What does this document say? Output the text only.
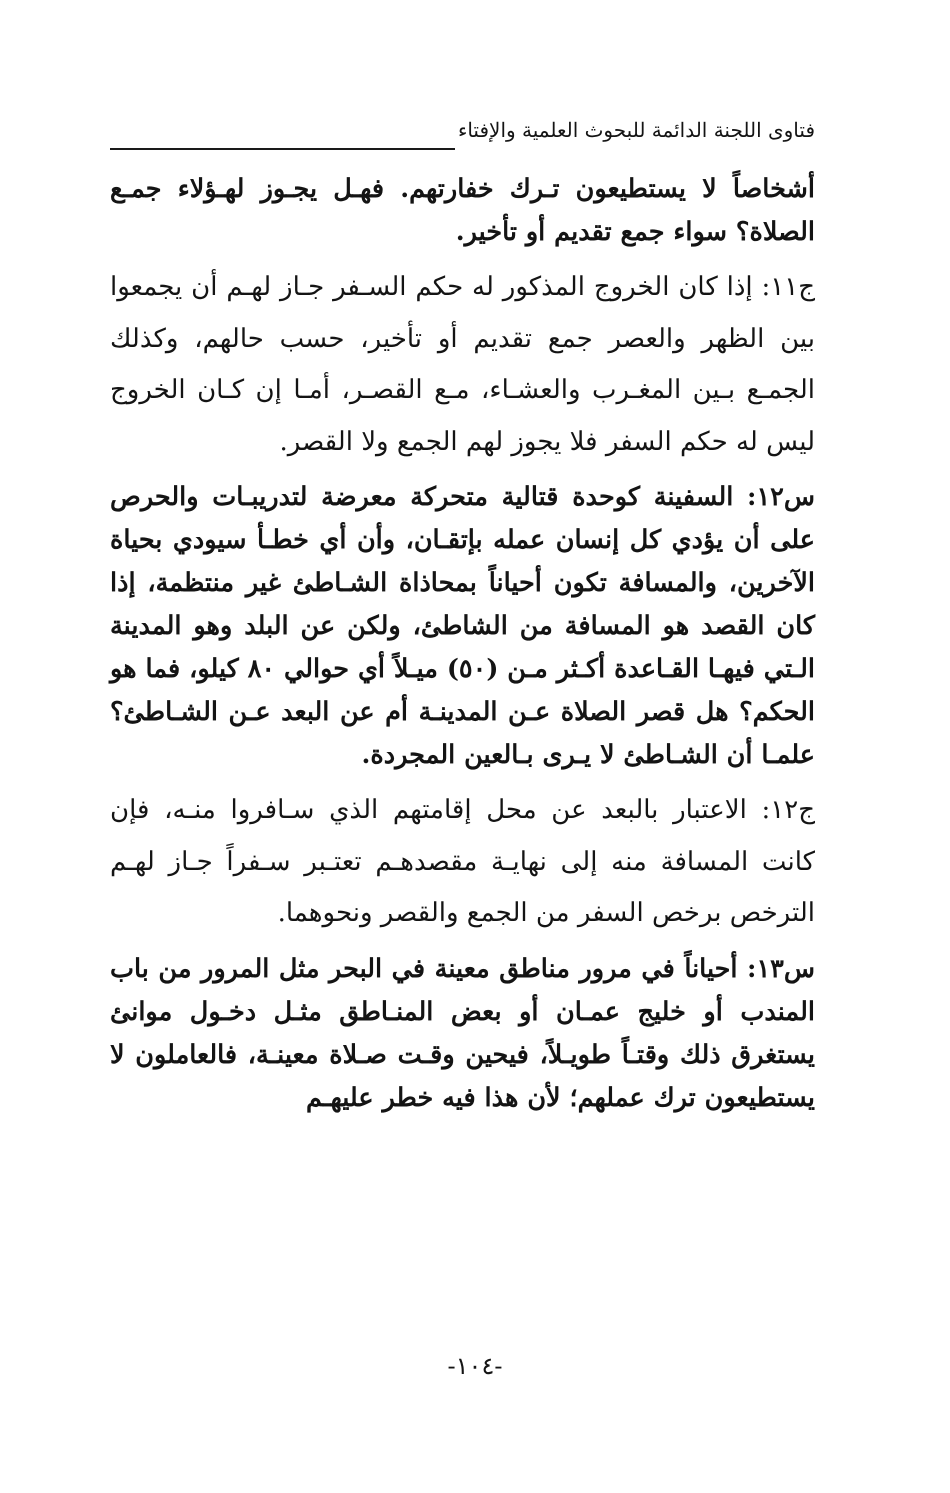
فتاوى اللجنة الدائمة للبحوث العلمية والإفتاء

أشخاصاً لا يستطيعون تـرك خفارتهم. فهـل يجـوز لهـؤلاء جمـع الصلاة؟ سواء جمع تقديم أو تأخير.

ج١١: إذا كان الخروج المذكور له حكم السـفر جـاز لهـم أن يجمعوا بين الظهر والعصر جمع تقديم أو تأخير، حسب حالهم، وكذلك الجمـع بـين المغـرب والعشـاء، مـع القصـر، أمـا إن كـان الخروج ليس له حكم السفر فلا يجوز لهم الجمع ولا القصر.

س١٢: السفينة كوحدة قتالية متحركة معرضة لتدريبـات والحرص على أن يؤدي كل إنسان عمله بإتقـان، وأن أي خطـأ سيودي بحياة الآخرين، والمسافة تكون أحياناً بمحاذاة الشـاطئ غير منتظمة، إذا كان القصد هو المسافة من الشاطئ، ولكن عن البلد وهو المدينة الـتي فيهـا القـاعدة أكـثر مـن (٥٠) ميـلاً أي حوالي ٨٠ كيلو، فما هو الحكم؟ هل قصر الصلاة عـن المدينـة أم عن البعد عـن الشـاطئ؟ علمـا أن الشـاطئ لا يـرى بـالعين المجردة.

ج١٢: الاعتبار بالبعد عن محل إقامتهم الذي سـافروا منـه، فإن كانت المسافة منه إلى نهايـة مقصدهـم تعتـبر سـفراً جـاز لهـم الترخص برخص السفر من الجمع والقصر ونحوهما.

س١٣: أحياناً في مرور مناطق معينة في البحر مثل المرور من باب المندب أو خليج عمـان أو بعض المنـاطق مثـل دخـول موانئ يستغرق ذلك وقتـاً طويـلاً، فيحين وقـت صـلاة معينـة، فالعاملون لا يستطيعون ترك عملهم؛ لأن هذا فيه خطر عليهـم

-١٠٤-
